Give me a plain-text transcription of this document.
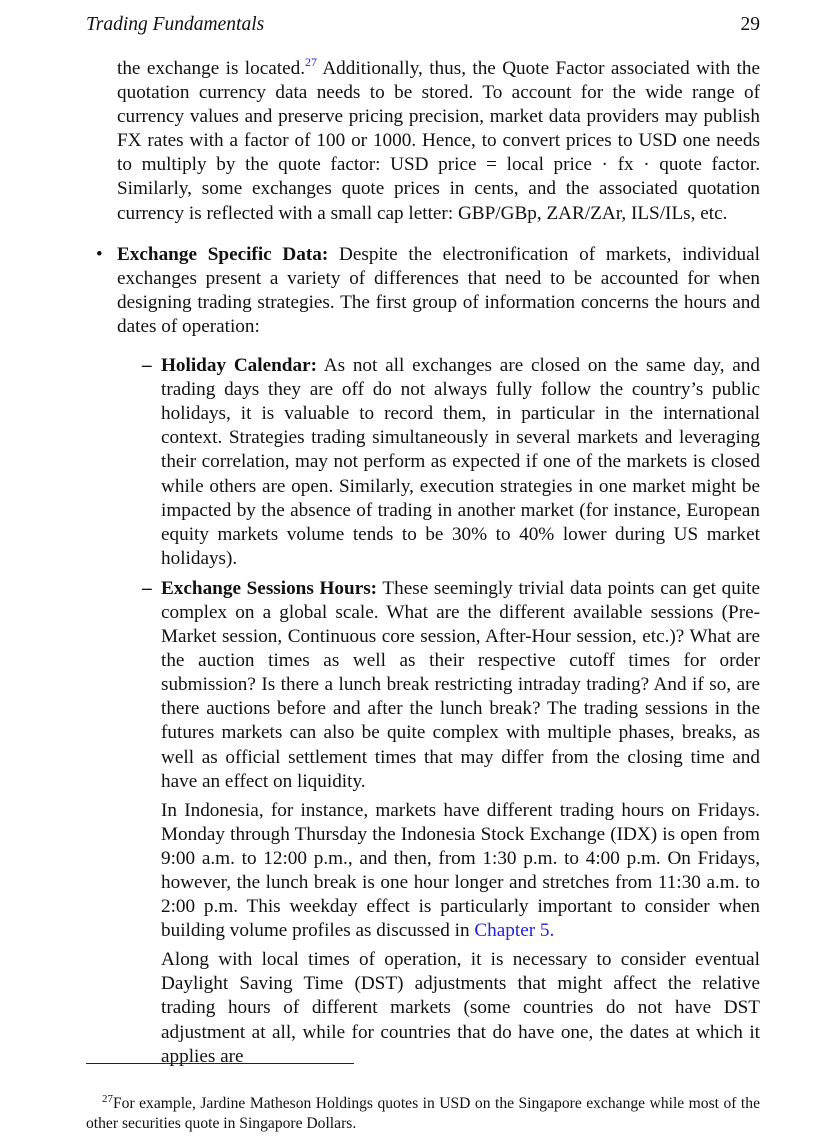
Trading Fundamentals	29

the exchange is located.$^{27}$ Additionally, thus, the Quote Factor associated with the quotation currency data needs to be stored. To account for the wide range of currency values and preserve pricing precision, market data providers may publish FX rates with a factor of 100 or 1000. Hence, to convert prices to USD one needs to multiply by the quote factor: USD price = local price · fx · quote factor. Similarly, some exchanges quote prices in cents, and the associated quotation currency is reflected with a small cap letter: GBP/GBp, ZAR/ZAr, ILS/ILs, etc.

• Exchange Specific Data: Despite the electronification of markets, individual exchanges present a variety of differences that need to be accounted for when designing trading strategies. The first group of information concerns the hours and dates of operation:

– Holiday Calendar: As not all exchanges are closed on the same day, and trading days they are off do not always fully follow the country’s public holidays, it is valuable to record them, in particular in the international context. Strategies trading simultaneously in several markets and leveraging their correlation, may not perform as expected if one of the markets is closed while others are open. Similarly, execution strategies in one market might be impacted by the absence of trading in another market (for instance, European equity markets volume tends to be 30% to 40% lower during US market holidays).

– Exchange Sessions Hours: These seemingly trivial data points can get quite complex on a global scale. What are the different available sessions (Pre-Market session, Continuous core session, After-Hour session, etc.)? What are the auction times as well as their respective cutoff times for order submission? Is there a lunch break restricting intraday trading? And if so, are there auctions before and after the lunch break? The trading sessions in the futures markets can also be quite complex with multiple phases, breaks, as well as official settlement times that may differ from the closing time and have an effect on liquidity.

In Indonesia, for instance, markets have different trading hours on Fridays. Monday through Thursday the Indonesia Stock Exchange (IDX) is open from 9:00 a.m. to 12:00 p.m., and then, from 1:30 p.m. to 4:00 p.m. On Fridays, however, the lunch break is one hour longer and stretches from 11:30 a.m. to 2:00 p.m. This weekday effect is particularly important to consider when building volume profiles as discussed in Chapter 5.

Along with local times of operation, it is necessary to consider eventual Daylight Saving Time (DST) adjustments that might affect the relative trading hours of different markets (some countries do not have DST adjustment at all, while for countries that do have one, the dates at which it applies are

$^{27}$For example, Jardine Matheson Holdings quotes in USD on the Singapore exchange while most of the other securities quote in Singapore Dollars.
